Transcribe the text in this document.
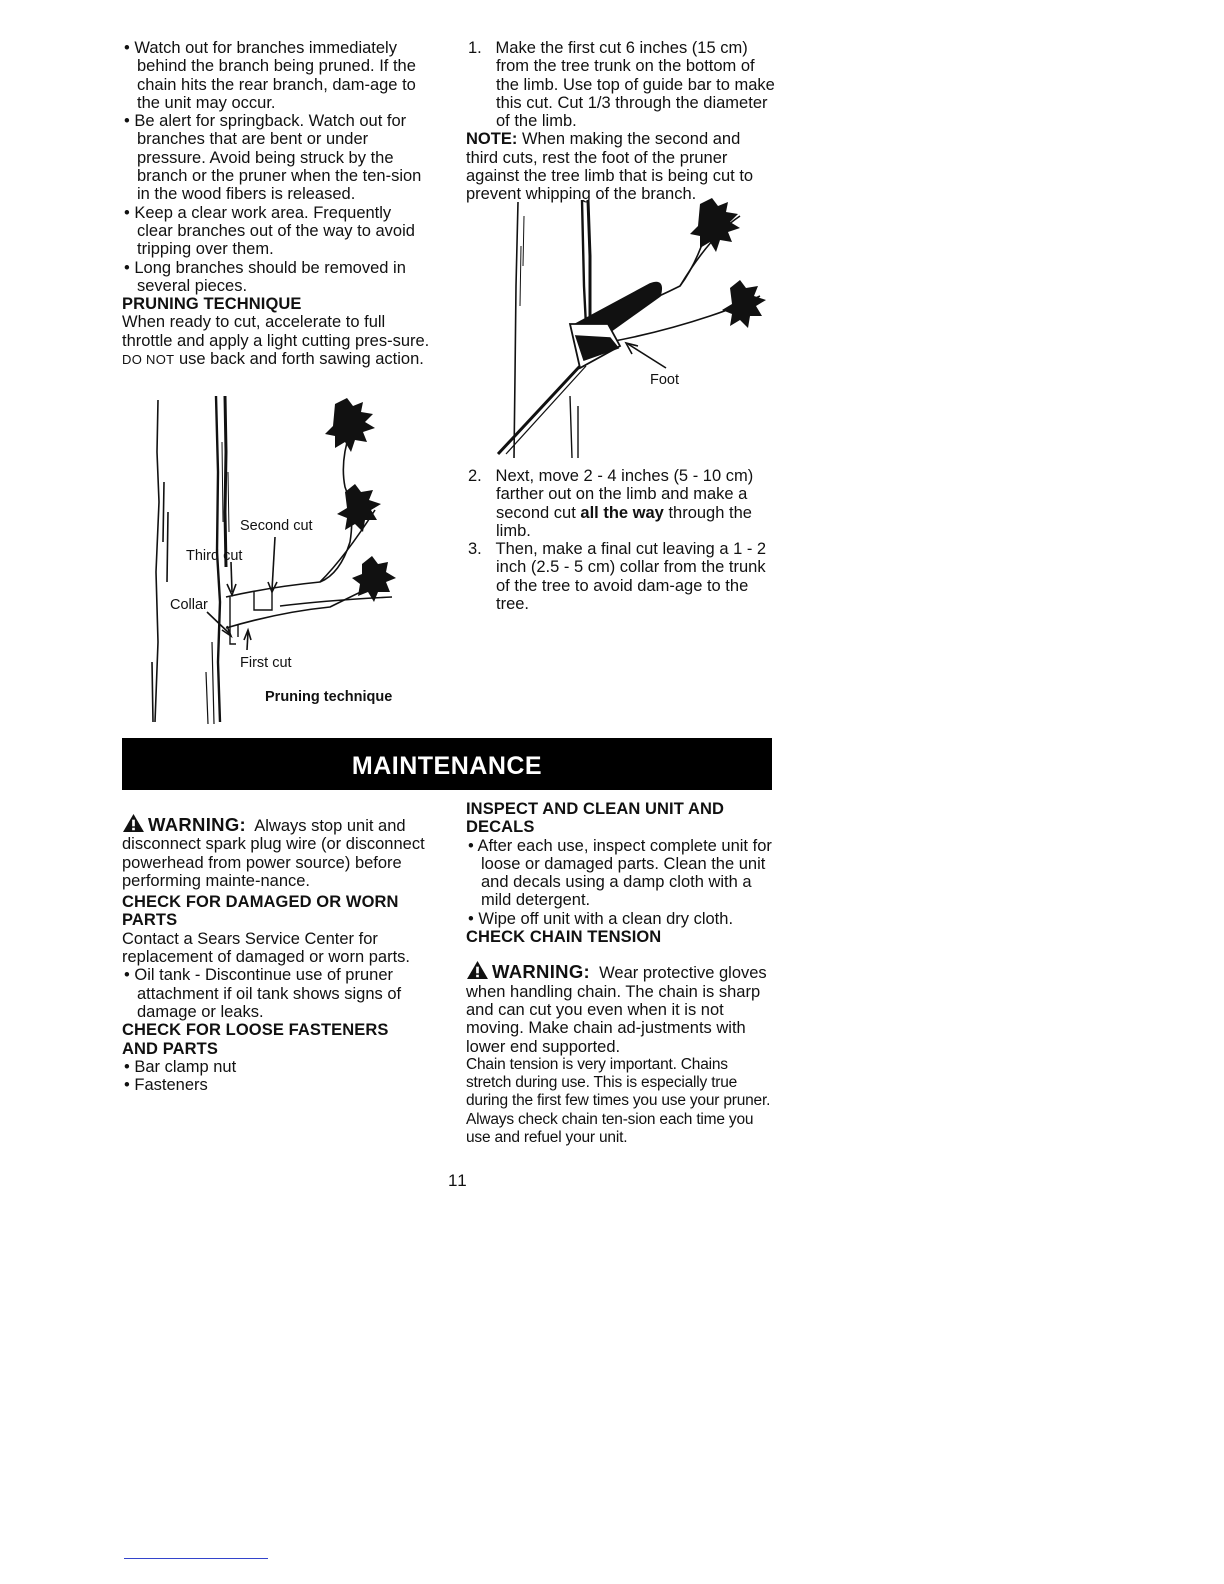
• Watch out for branches immediately behind the branch being pruned. If the chain hits the rear branch, dam-age to the unit may occur.

• Be alert for springback. Watch out for branches that are bent or under pressure. Avoid being struck by the branch or the pruner when the ten-sion in the wood fibers is released.

• Keep a clear work area. Frequently clear branches out of the way to avoid tripping over them.

• Long branches should be removed in several pieces.

PRUNING TECHNIQUE

When ready to cut, accelerate to full throttle and apply a light cutting pres-sure. DO NOT use back and forth sawing action.

Second cut
Third cut
Collar
First cut
Pruning technique

1. Make the first cut 6 inches (15 cm) from the tree trunk on the bottom of the limb. Use top of guide bar to make this cut. Cut 1/3 through the diameter of the limb.

NOTE: When making the second and third cuts, rest the foot of the pruner against the tree limb that is being cut to prevent whipping of the branch.

Foot

2. Next, move 2 - 4 inches (5 - 10 cm) farther out on the limb and make a second cut all the way through the limb.

3. Then, make a final cut leaving a 1 - 2 inch (2.5 - 5 cm) collar from the trunk of the tree to avoid dam-age to the tree.

MAINTENANCE

WARNING: Always stop unit and disconnect spark plug wire (or disconnect powerhead from power source) before performing mainte-nance.

CHECK FOR DAMAGED OR WORN PARTS

Contact a Sears Service Center for replacement of damaged or worn parts.

• Oil tank - Discontinue use of pruner attachment if oil tank shows signs of damage or leaks.

CHECK FOR LOOSE FASTENERS AND PARTS

• Bar clamp nut

• Fasteners

INSPECT AND CLEAN UNIT AND DECALS

• After each use, inspect complete unit for loose or damaged parts. Clean the unit and decals using a damp cloth with a mild detergent.

• Wipe off unit with a clean dry cloth.

CHECK CHAIN TENSION

WARNING: Wear protective gloves when handling chain. The chain is sharp and can cut you even when it is not moving. Make chain ad-justments with lower end supported.

Chain tension is very important. Chains stretch during use. This is especially true during the first few times you use your pruner. Always check chain ten-sion each time you use and refuel your unit.

11
